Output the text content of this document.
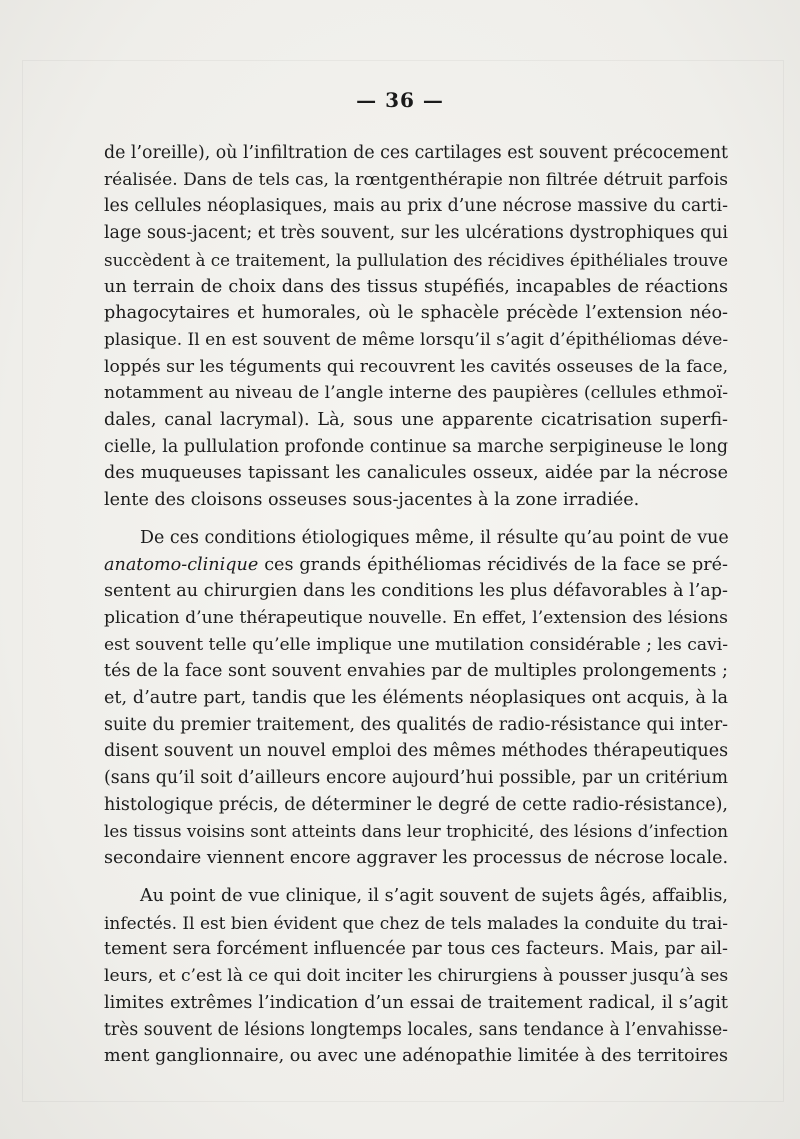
— 36 —

de l’oreille), où l’infiltration de ces cartilages est souvent précocement
réalisée. Dans de tels cas, la rœntgenthérapie non filtrée détruit parfois
les cellules néoplasiques, mais au prix d’une nécrose massive du carti-
lage sous-jacent; et très souvent, sur les ulcérations dystrophiques qui
succèdent à ce traitement, la pullulation des récidives épithéliales trouve
un terrain de choix dans des tissus stupéfiés, incapables de réactions
phagocytaires et humorales, où le sphacèle précède l’extension néo-
plasique. Il en est souvent de même lorsqu’il s’agit d’épithéliomas déve-
loppés sur les téguments qui recouvrent les cavités osseuses de la face,
notamment au niveau de l’angle interne des paupières (cellules ethmoï-
dales, canal lacrymal). Là, sous une apparente cicatrisation superfi-
cielle, la pullulation profonde continue sa marche serpigineuse le long
des muqueuses tapissant les canalicules osseux, aidée par la nécrose
lente des cloisons osseuses sous-jacentes à la zone irradiée.

De ces conditions étiologiques même, il résulte qu’au point de vue
anatomo-clinique ces grands épithéliomas récidivés de la face se pré-
sentent au chirurgien dans les conditions les plus défavorables à l’ap-
plication d’une thérapeutique nouvelle. En effet, l’extension des lésions
est souvent telle qu’elle implique une mutilation considérable ; les cavi-
tés de la face sont souvent envahies par de multiples prolongements ;
et, d’autre part, tandis que les éléments néoplasiques ont acquis, à la
suite du premier traitement, des qualités de radio-résistance qui inter-
disent souvent un nouvel emploi des mêmes méthodes thérapeutiques
(sans qu’il soit d’ailleurs encore aujourd’hui possible, par un critérium
histologique précis, de déterminer le degré de cette radio-résistance),
les tissus voisins sont atteints dans leur trophicité, des lésions d’infection
secondaire viennent encore aggraver les processus de nécrose locale.

Au point de vue clinique, il s’agit souvent de sujets âgés, affaiblis,
infectés. Il est bien évident que chez de tels malades la conduite du trai-
tement sera forcément influencée par tous ces facteurs. Mais, par ail-
leurs, et c’est là ce qui doit inciter les chirurgiens à pousser jusqu’à ses
limites extrêmes l’indication d’un essai de traitement radical, il s’agit
très souvent de lésions longtemps locales, sans tendance à l’envahisse-
ment ganglionnaire, ou avec une adénopathie limitée à des territoires
